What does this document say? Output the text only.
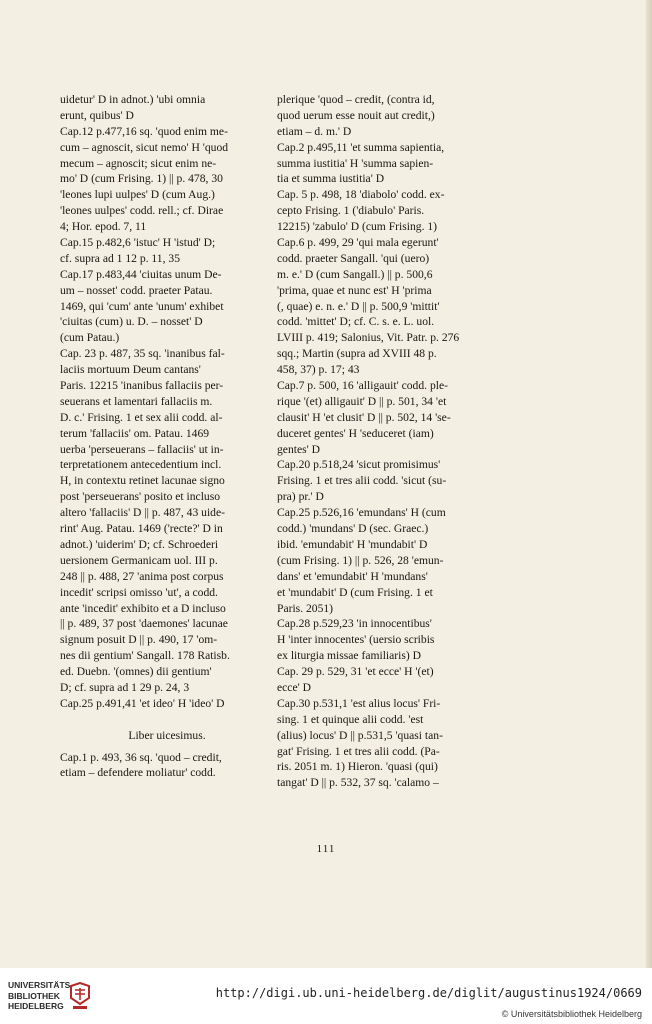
uidetur' D in adnot.) 'ubi omnia
erunt, quibus' D
Cap.12 p.477,16 sq. 'quod enim me-
cum – agnoscit, sicut nemo' H 'quod
mecum – agnoscit; sicut enim ne-
mo' D (cum Frising. 1) || p. 478, 30
'leones lupi uulpes' D (cum Aug.)
'leones uulpes' codd. rell.; cf. Dirae
4; Hor. epod. 7, 11
Cap.15 p.482,6 'istuc' H 'istud' D;
cf. supra ad 1 12 p. 11, 35
Cap.17 p.483,44 'ciuitas unum De-
um – nosset' codd. praeter Patau.
1469, qui 'cum' ante 'unum' exhibet
'ciuitas (cum) u. D. – nosset' D
(cum Patau.)
Cap. 23 p. 487, 35 sq. 'inanibus fal-
laciis mortuum Deum cantans'
Paris. 12215 'inanibus fallaciis per-
seuerans et lamentari fallaciis m.
D. c.' Frising. 1 et sex alii codd. al-
terum 'fallaciis' om. Patau. 1469
uerba 'perseuerans – fallaciis' ut in-
terpretationem antecedentium incl.
H, in contextu retinet lacunae signo
post 'perseuerans' posito et incluso
altero 'fallaciis' D || p. 487, 43 uide-
rint' Aug. Patau. 1469 ('recte?' D in
adnot.) 'uiderim' D; cf. Schroederi
uersionem Germanicam uol. III p.
248 || p. 488, 27 'anima post corpus
incedit' scripsi omisso 'ut', a codd.
ante 'incedit' exhibito et a D incluso
|| p. 489, 37 post 'daemones' lacunae
signum posuit D || p. 490, 17 'om-
nes dii gentium' Sangall. 178 Ratisb.
ed. Duebn. '(omnes) dii gentium'
D; cf. supra ad 1 29 p. 24, 3
Cap.25 p.491,41 'et ideo' H 'ideo' D
Liber uicesimus.
Cap.1 p. 493, 36 sq. 'quod – credit,
etiam – defendere moliatur' codd.
plerique 'quod – credit, (contra id,
quod uerum esse nouit aut credit,)
etiam – d. m.' D
Cap.2 p.495,11 'et summa sapientia,
summa iustitia' H 'summa sapien-
tia et summa iustitia' D
Cap. 5 p. 498, 18 'diabolo' codd. ex-
cepto Frising. 1 ('diabulo' Paris.
12215) 'zabulo' D (cum Frising. 1)
Cap.6 p. 499, 29 'qui mala egerunt'
codd. praeter Sangall. 'qui (uero)
m. e.' D (cum Sangall.) || p. 500,6
'prima, quae et nunc est' H 'prima
(, quae) e. n. e.' D || p. 500,9 'mittit'
codd. 'mittet' D; cf. C. s. e. L. uol.
LVIII p. 419; Salonius, Vit. Patr. p. 276
sqq.; Martin (supra ad XVIII 48 p.
458, 37) p. 17; 43
Cap.7 p. 500, 16 'alligauit' codd. ple-
rique '(et) alligauit' D || p. 501, 34 'et
clausit' H 'et clusit' D || p. 502, 14 'se-
duceret gentes' H 'seduceret (iam)
gentes' D
Cap.20 p.518,24 'sicut promisimus'
Frising. 1 et tres alii codd. 'sicut (su-
pra) pr.' D
Cap.25 p.526,16 'emundans' H (cum
codd.) 'mundans' D (sec. Graec.)
ibid. 'emundabit' H 'mundabit' D
(cum Frising. 1) || p. 526, 28 'emun-
dans' et 'emundabit' H 'mundans'
et 'mundabit' D (cum Frising. 1 et
Paris. 2051)
Cap.28 p.529,23 'in innocentibus'
H 'inter innocentes' (uersio scribis
ex liturgia missae familiaris) D
Cap. 29 p. 529, 31 'et ecce' H '(et)
ecce' D
Cap.30 p.531,1 'est alius locus' Fri-
sing. 1 et quinque alii codd. 'est
(alius) locus' D || p.531,5 'quasi tan-
gat' Frising. 1 et tres alii codd. (Pa-
ris. 2051 m. 1) Hieron. 'quasi (qui)
tangat' D || p. 532, 37 sq. 'calamo –
111
UNIVERSITÄTS-
BIBLIOTHEK
HEIDELBERG
http://digi.ub.uni-heidelberg.de/diglit/augustinus1924/0669
© Universitätsbibliothek Heidelberg
